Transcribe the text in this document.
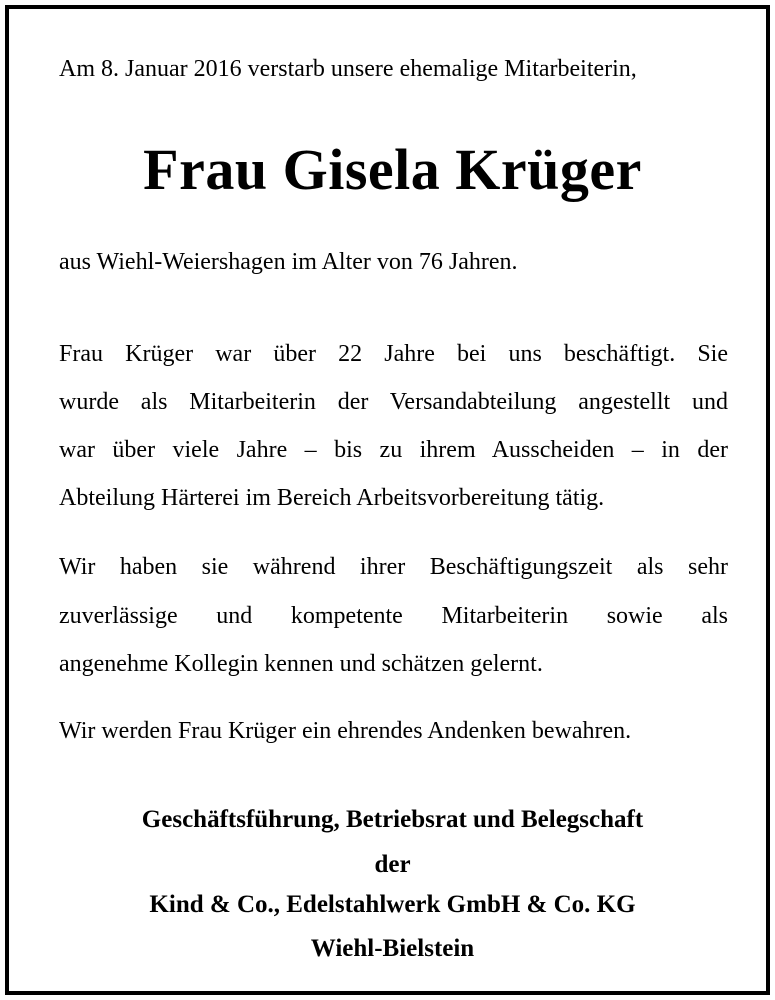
Am 8. Januar 2016 verstarb unsere ehemalige Mitarbeiterin,
Frau Gisela Krüger
aus Wiehl-Weiershagen im Alter von 76 Jahren.
Frau Krüger war über 22 Jahre bei uns beschäftigt. Sie
wurde als Mitarbeiterin der Versandabteilung angestellt und
war über viele Jahre – bis zu ihrem Ausscheiden – in der
Abteilung Härterei im Bereich Arbeitsvorbereitung tätig.
Wir haben sie während ihrer Beschäftigungszeit als sehr
zuverlässige und kompetente Mitarbeiterin sowie als
angenehme Kollegin kennen und schätzen gelernt.
Wir werden Frau Krüger ein ehrendes Andenken bewahren.
Geschäftsführung, Betriebsrat und Belegschaft
der
Kind & Co., Edelstahlwerk GmbH & Co. KG
Wiehl-Bielstein
